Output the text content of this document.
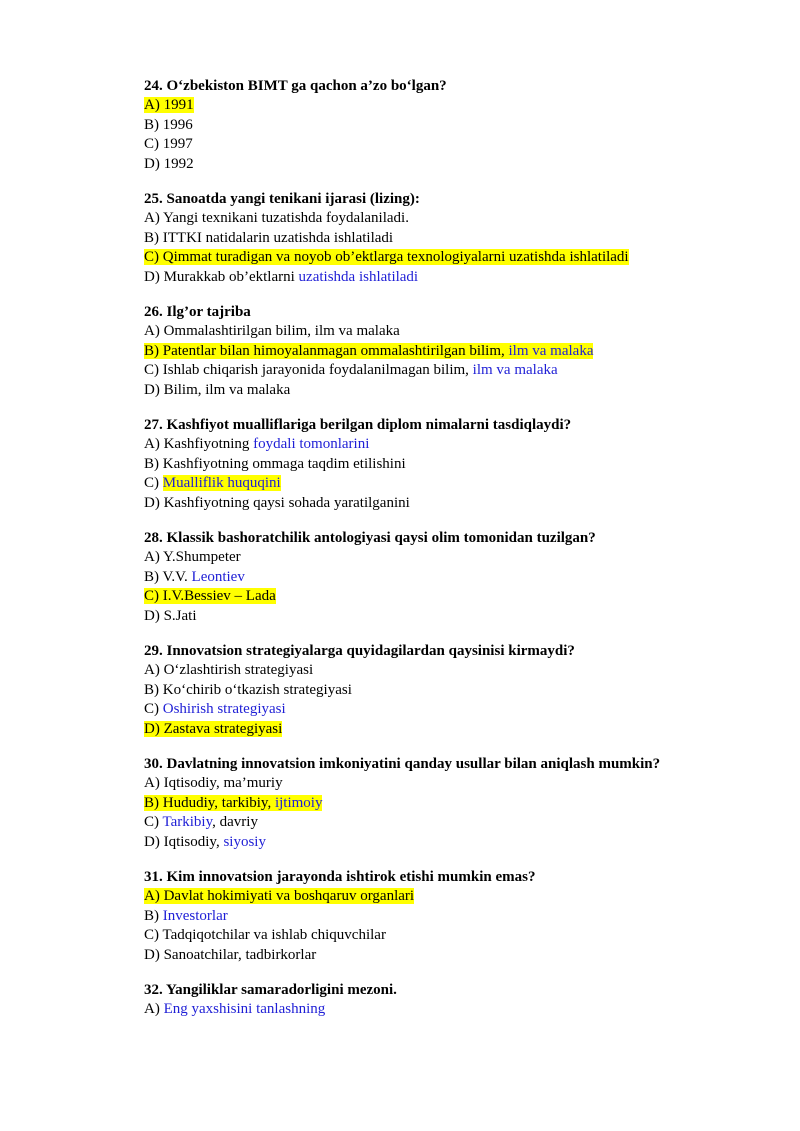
24. O‘zbekiston BIMT ga qachon a’zo bo‘lgan?
A) 1991
B) 1996
C) 1997
D) 1992
25. Sanoatda yangi tenikani ijarasi (lizing):
A) Yangi texnikani tuzatishda foydalaniladi.
B) ITTKI natidalarin uzatishda ishlatiladi
C) Qimmat turadigan va noyob ob’ektlarga texnologiyalarni uzatishda ishlatiladi
D) Murakkab ob’ektlarni uzatishda ishlatiladi
26. Ilg’or tajriba
A) Ommalashtirilgan bilim, ilm va malaka
B) Patentlar bilan himoyalanmagan ommalashtirilgan bilim, ilm va malaka
C) Ishlab chiqarish jarayonida foydalanilmagan bilim, ilm va malaka
D) Bilim, ilm va malaka
27. Kashfiyot mualliflariga berilgan diplom nimalarni tasdiqlaydi?
A) Kashfiyotning foydali tomonlarini
B) Kashfiyotning ommaga taqdim etilishini
C) Mualliflik huquqini
D) Kashfiyotning qaysi sohada yaratilganini
28. Klassik bashoratchilik antologiyasi qaysi olim tomonidan tuzilgan?
A) Y.Shumpeter
B) V.V. Leontiev
C) I.V.Bessiev – Lada
D) S.Jati
29. Innovatsion strategiyalarga quyidagilardan qaysinisi kirmaydi?
A) O‘zlashtirish strategiyasi
B) Ko‘chirib o‘tkazish strategiyasi
C) Oshirish strategiyasi
D) Zastava strategiyasi
30. Davlatning innovatsion imkoniyatini qanday usullar bilan aniqlash mumkin?
A) Iqtisodiy, ma’muriy
B) Hududiy, tarkibiy, ijtimoiy
C) Tarkibiy, davriy
D) Iqtisodiy, siyosiy
31. Kim innovatsion jarayonda ishtirok etishi mumkin emas?
A) Davlat hokimiyati va boshqaruv organlari
B) Investorlar
C) Tadqiqotchilar va ishlab chiquvchilar
D) Sanoatchilar, tadbirkorlar
32. Yangiliklar samaradorligini mezoni.
A) Eng yaxshisini tanlashning
